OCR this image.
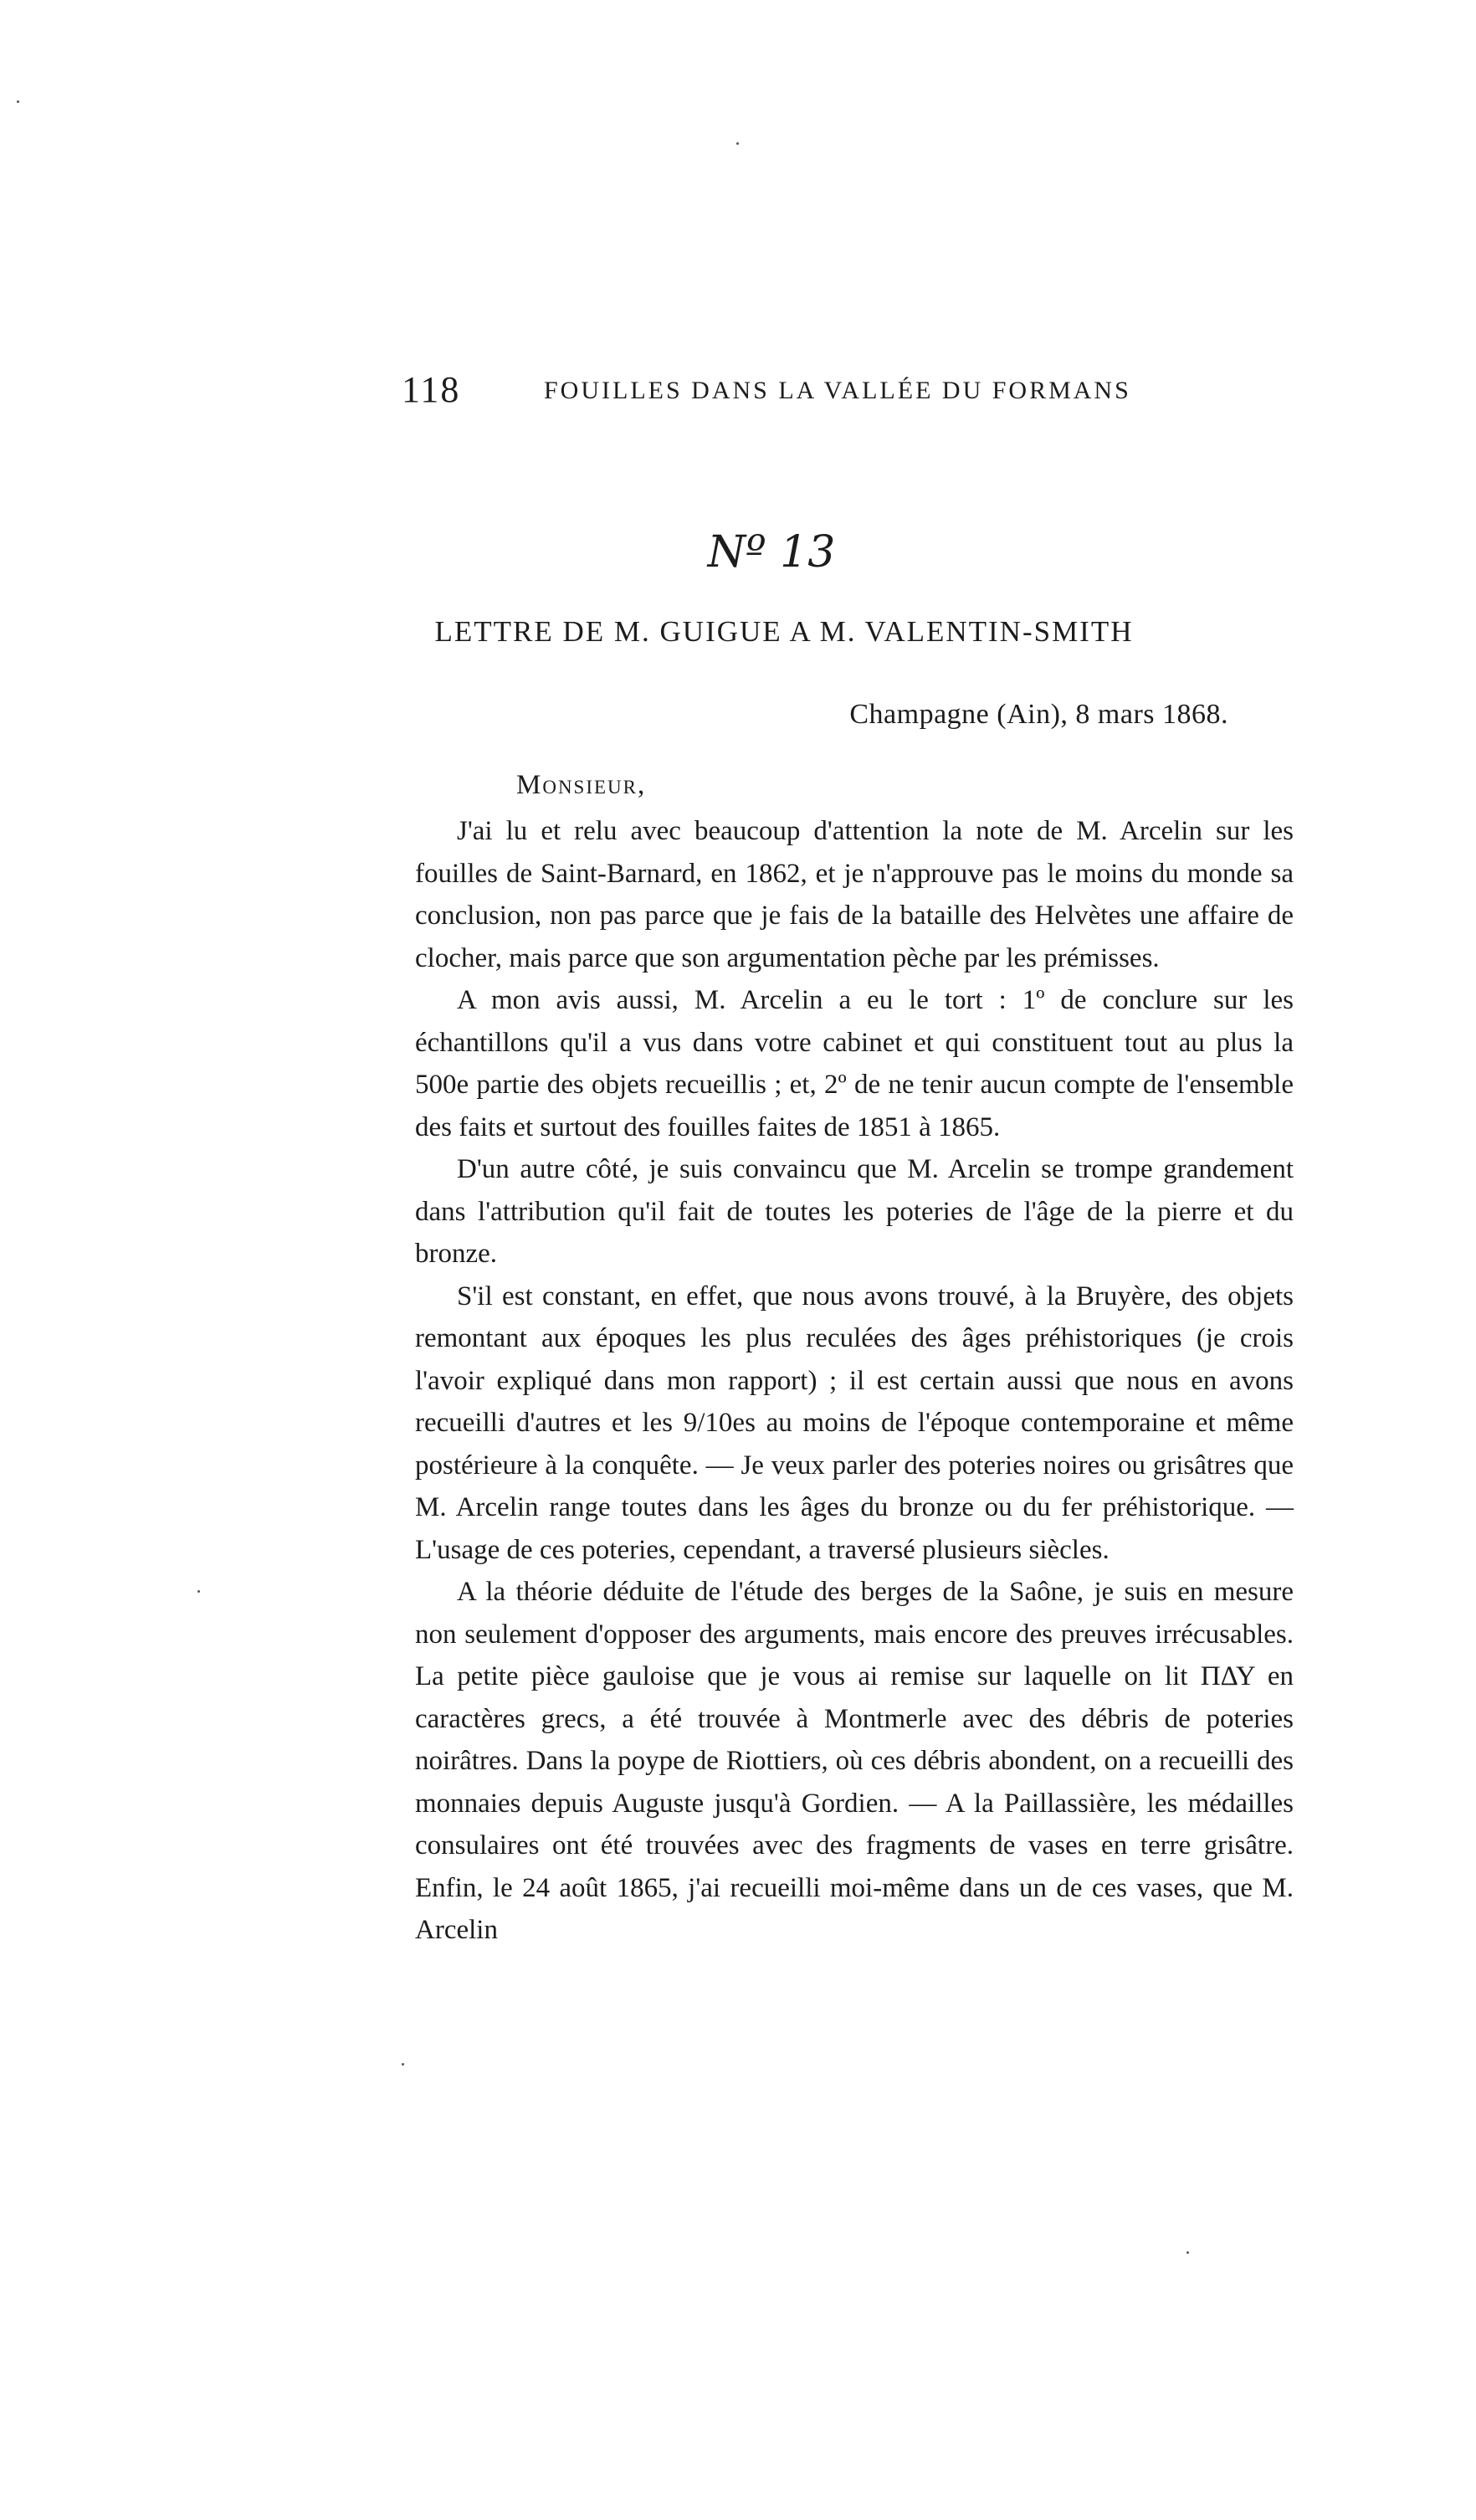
118	FOUILLES DANS LA VALLÉE DU FORMANS
Nº 13
LETTRE DE M. GUIGUE A M. VALENTIN-SMITH
Champagne (Ain), 8 mars 1868.
Monsieur,

J'ai lu et relu avec beaucoup d'attention la note de M. Arcelin sur les fouilles de Saint-Barnard, en 1862, et je n'approuve pas le moins du monde sa conclusion, non pas parce que je fais de la bataille des Helvètes une affaire de clocher, mais parce que son argumentation pèche par les prémisses.

A mon avis aussi, M. Arcelin a eu le tort : 1º de conclure sur les échantillons qu'il a vus dans votre cabinet et qui constituent tout au plus la 500e partie des objets recueillis ; et, 2º de ne tenir aucun compte de l'ensemble des faits et surtout des fouilles faites de 1851 à 1865.

D'un autre côté, je suis convaincu que M. Arcelin se trompe grandement dans l'attribution qu'il fait de toutes les poteries de l'âge de la pierre et du bronze.

S'il est constant, en effet, que nous avons trouvé, à la Bruyère, des objets remontant aux époques les plus reculées des âges préhistoriques (je crois l'avoir expliqué dans mon rapport) ; il est certain aussi que nous en avons recueilli d'autres et les 9/10es au moins de l'époque contemporaine et même postérieure à la conquête. — Je veux parler des poteries noires ou grisâtres que M. Arcelin range toutes dans les âges du bronze ou du fer préhistorique. — L'usage de ces poteries, cependant, a traversé plusieurs siècles.

A la théorie déduite de l'étude des berges de la Saône, je suis en mesure non seulement d'opposer des arguments, mais encore des preuves irrécusables. La petite pièce gauloise que je vous ai remise sur laquelle on lit ΠΔΥ en caractères grecs, a été trouvée à Montmerle avec des débris de poteries noirâtres. Dans la poype de Riottiers, où ces débris abondent, on a recueilli des monnaies depuis Auguste jusqu'à Gordien. — A la Paillassière, les médailles consulaires ont été trouvées avec des fragments de vases en terre grisâtre. Enfin, le 24 août 1865, j'ai recueilli moi-même dans un de ces vases, que M. Arcelin
